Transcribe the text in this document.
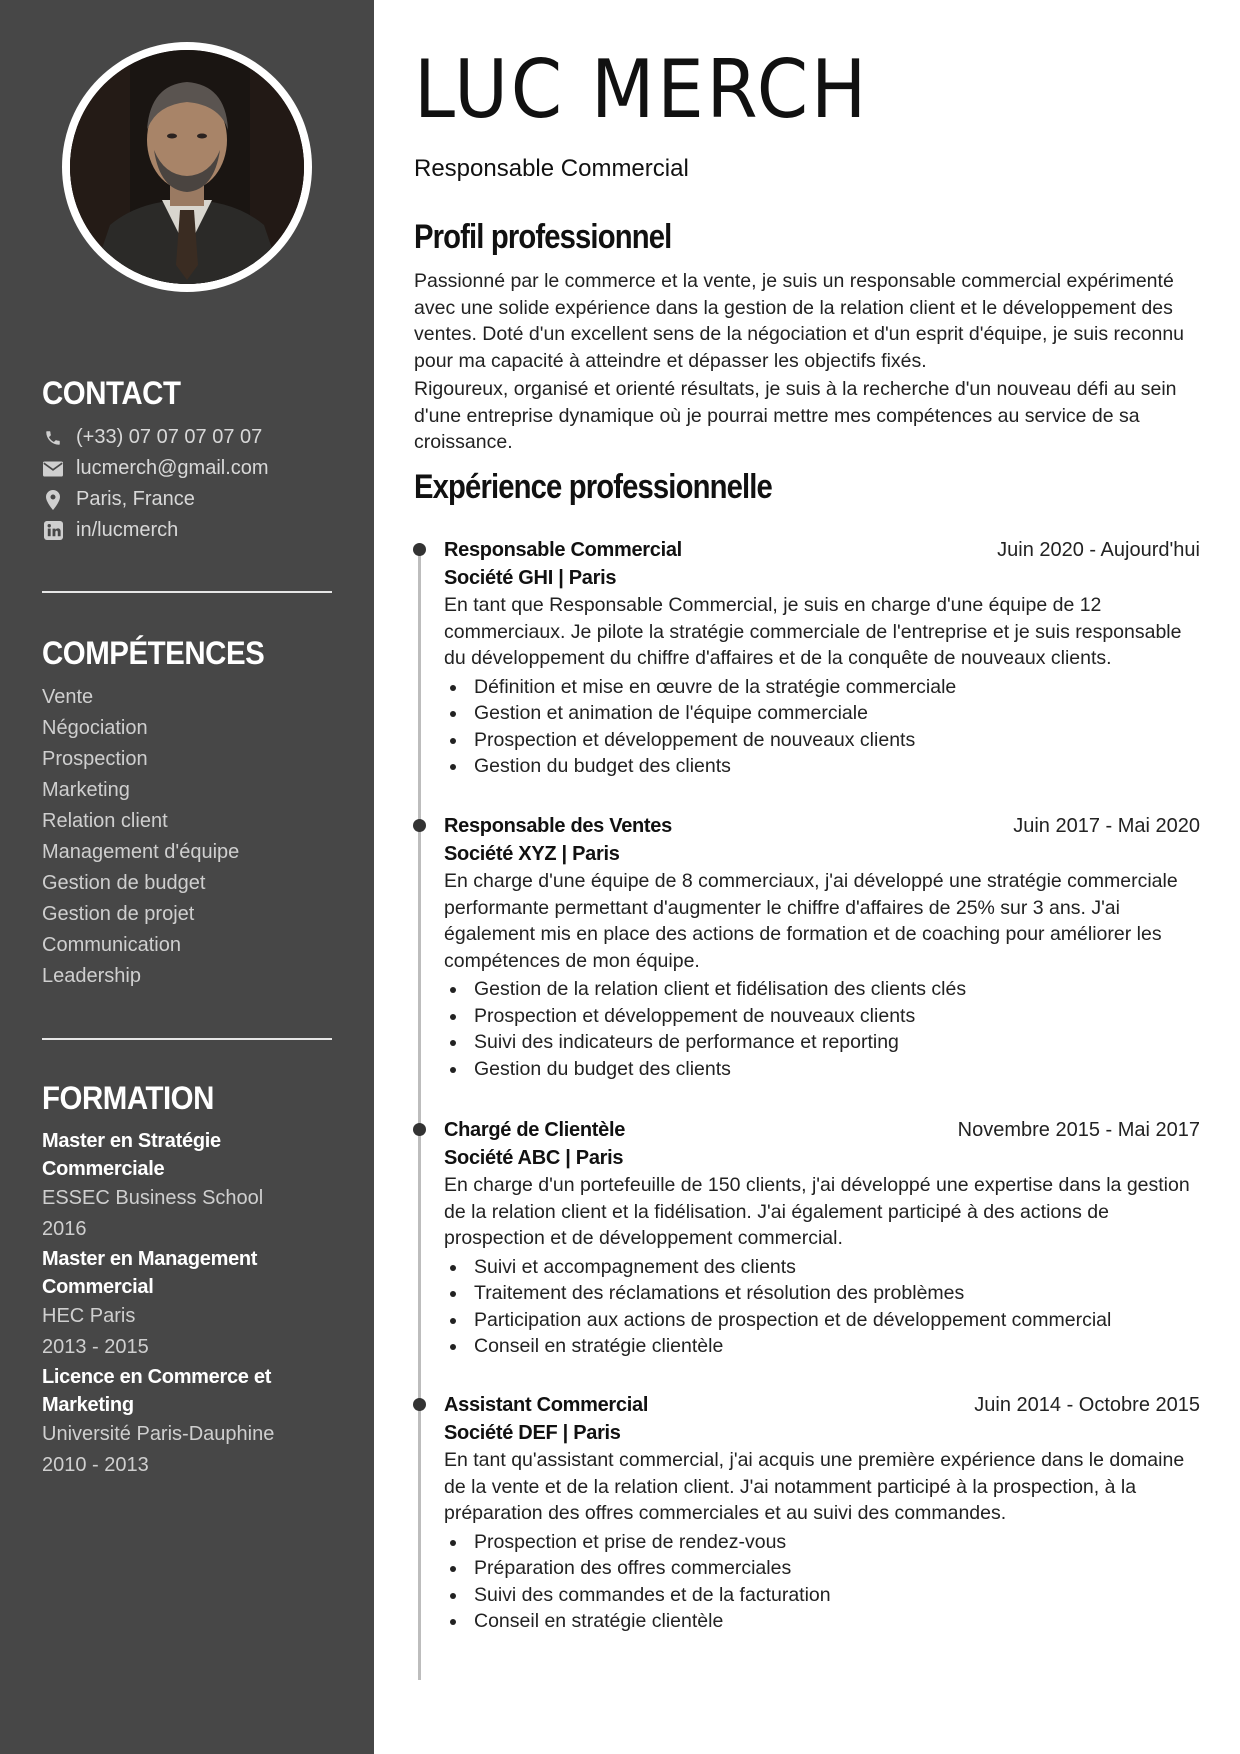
CONTACT
(+33) 07 07 07 07 07
lucmerch@gmail.com
Paris, France
in/lucmerch
COMPÉTENCES
Vente
Négociation
Prospection
Marketing
Relation client
Management d'équipe
Gestion de budget
Gestion de projet
Communication
Leadership
FORMATION
Master en Stratégie Commerciale
ESSEC Business School
2016
Master en Management Commercial
HEC Paris
2013 - 2015
Licence en Commerce et Marketing
Université Paris-Dauphine
2010 - 2013
LUC MERCH
Responsable Commercial
Profil professionnel

Passionné par le commerce et la vente, je suis un responsable commercial expérimenté avec une solide expérience dans la gestion de la relation client et le développement des ventes. Doté d'un excellent sens de la négociation et d'un esprit d'équipe, je suis reconnu pour ma capacité à atteindre et dépasser les objectifs fixés.

Rigoureux, organisé et orienté résultats, je suis à la recherche d'un nouveau défi au sein d'une entreprise dynamique où je pourrai mettre mes compétences au service de sa croissance.

Expérience professionnelle
Responsable Commercial	Juin 2020 - Aujourd'hui
Société GHI | Paris

En tant que Responsable Commercial, je suis en charge d'une équipe de 12 commerciaux. Je pilote la stratégie commerciale de l'entreprise et je suis responsable du développement du chiffre d'affaires et de la conquête de nouveaux clients.

Définition et mise en œuvre de la stratégie commerciale
Gestion et animation de l'équipe commerciale
Prospection et développement de nouveaux clients
Gestion du budget des clients
Responsable des Ventes	Juin 2017 - Mai 2020
Société XYZ | Paris

En charge d'une équipe de 8 commerciaux, j'ai développé une stratégie commerciale performante permettant d'augmenter le chiffre d'affaires de 25% sur 3 ans. J'ai également mis en place des actions de formation et de coaching pour améliorer les compétences de mon équipe.

Gestion de la relation client et fidélisation des clients clés
Prospection et développement de nouveaux clients
Suivi des indicateurs de performance et reporting
Gestion du budget des clients
Chargé de Clientèle	Novembre 2015 - Mai 2017
Société ABC | Paris

En charge d'un portefeuille de 150 clients, j'ai développé une expertise dans la gestion de la relation client et la fidélisation. J'ai également participé à des actions de prospection et de développement commercial.

Suivi et accompagnement des clients
Traitement des réclamations et résolution des problèmes
Participation aux actions de prospection et de développement commercial
Conseil en stratégie clientèle
Assistant Commercial	Juin 2014 - Octobre 2015
Société DEF | Paris

En tant qu'assistant commercial, j'ai acquis une première expérience dans le domaine de la vente et de la relation client. J'ai notamment participé à la prospection, à la préparation des offres commerciales et au suivi des commandes.

Prospection et prise de rendez-vous
Préparation des offres commerciales
Suivi des commandes et de la facturation
Conseil en stratégie clientèle
